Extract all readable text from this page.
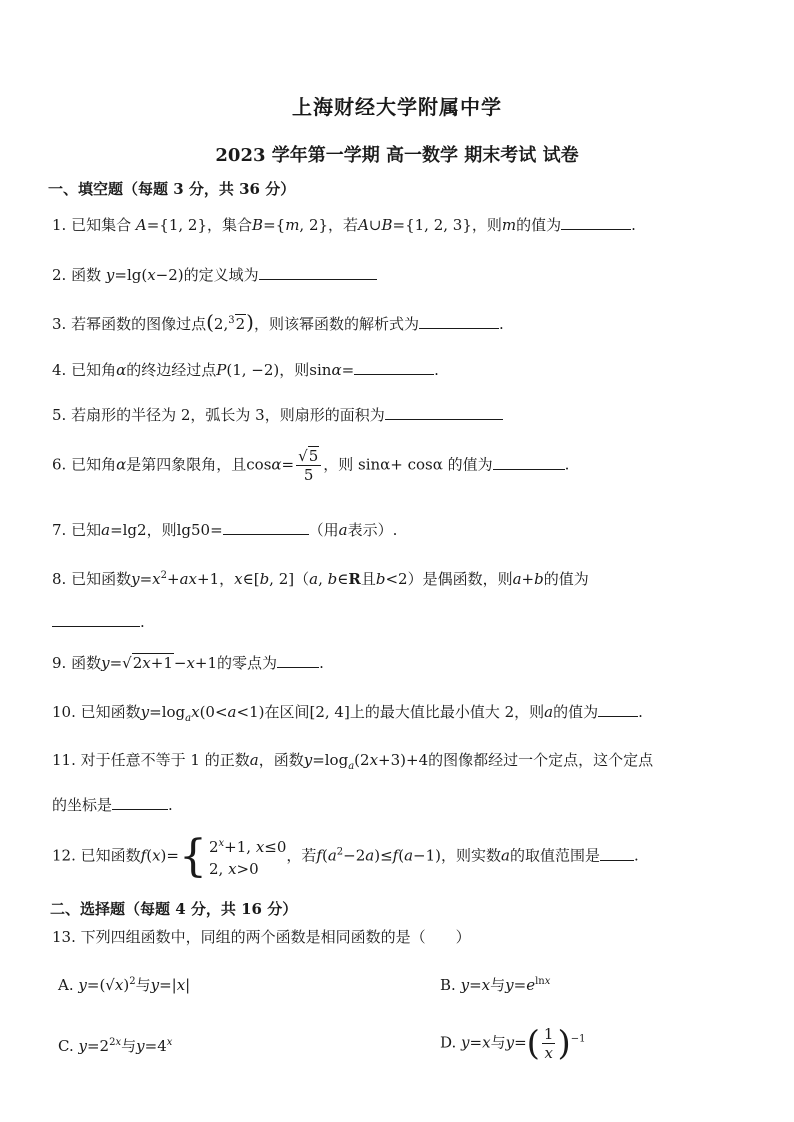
上海财经大学附属中学
2023 学年第一学期 高一数学 期末考试 试卷
一、填空题（每题 3 分，共 36 分）
1. 已知集合 A={1, 2}，集合B={m, 2}，若A∪B={1, 2, 3}，则m的值为	.
2. 函数 y=lg(x−2)的定义域为
3. 若幂函数的图像过点(2,$^3$2)，则该幂函数的解析式为	.
4. 已知角α的终边经过点P(1, −2)，则sinα=	.
5. 若扇形的半径为 2，弧长为 3，则扇形的面积为
6. 已知角α是第四象限角，且$\cos\alpha= \frac{√5}{5}$ ，则 sinα+ cosα 的值为	.
7. 已知a=lg2，则lg50=	（用a表示）.
8. 已知函数$y=x^2+ax+1$，x∈[b, 2]（a, b∈R且b<2）是偶函数，则a+b的值为
.
9. 函数y=√2x+1−x+1的零点为	.
10. 已知函数$y=\log_ax(0<a<1)$在区间[2, 4]上的最大值比最小值大 2，则a的值为	.
11. 对于任意不等于 1 的正数a，函数$y=\log_a(2x+3)+4$的图像都经过一个定点，这个定点
的坐标是	.
12. 已知函数f(x)={ $2^x+1$, x≤0
2, x>0
，若$f(a^2-2a)\le f(a-1)$，则实数a的取值范围是 .
二、选择题（每题 4 分，共 16 分）
13. 下列四组函数中，同组的两个函数是相同函数的是（　　）
A. $y=(√x)^2$与y=|x|	B. y=x与$y=e^{lnx}$
C. $y=2^{2x}$与$y=4^x$	D. y=x与$y=( \frac{1}{x} )^{-1}$
